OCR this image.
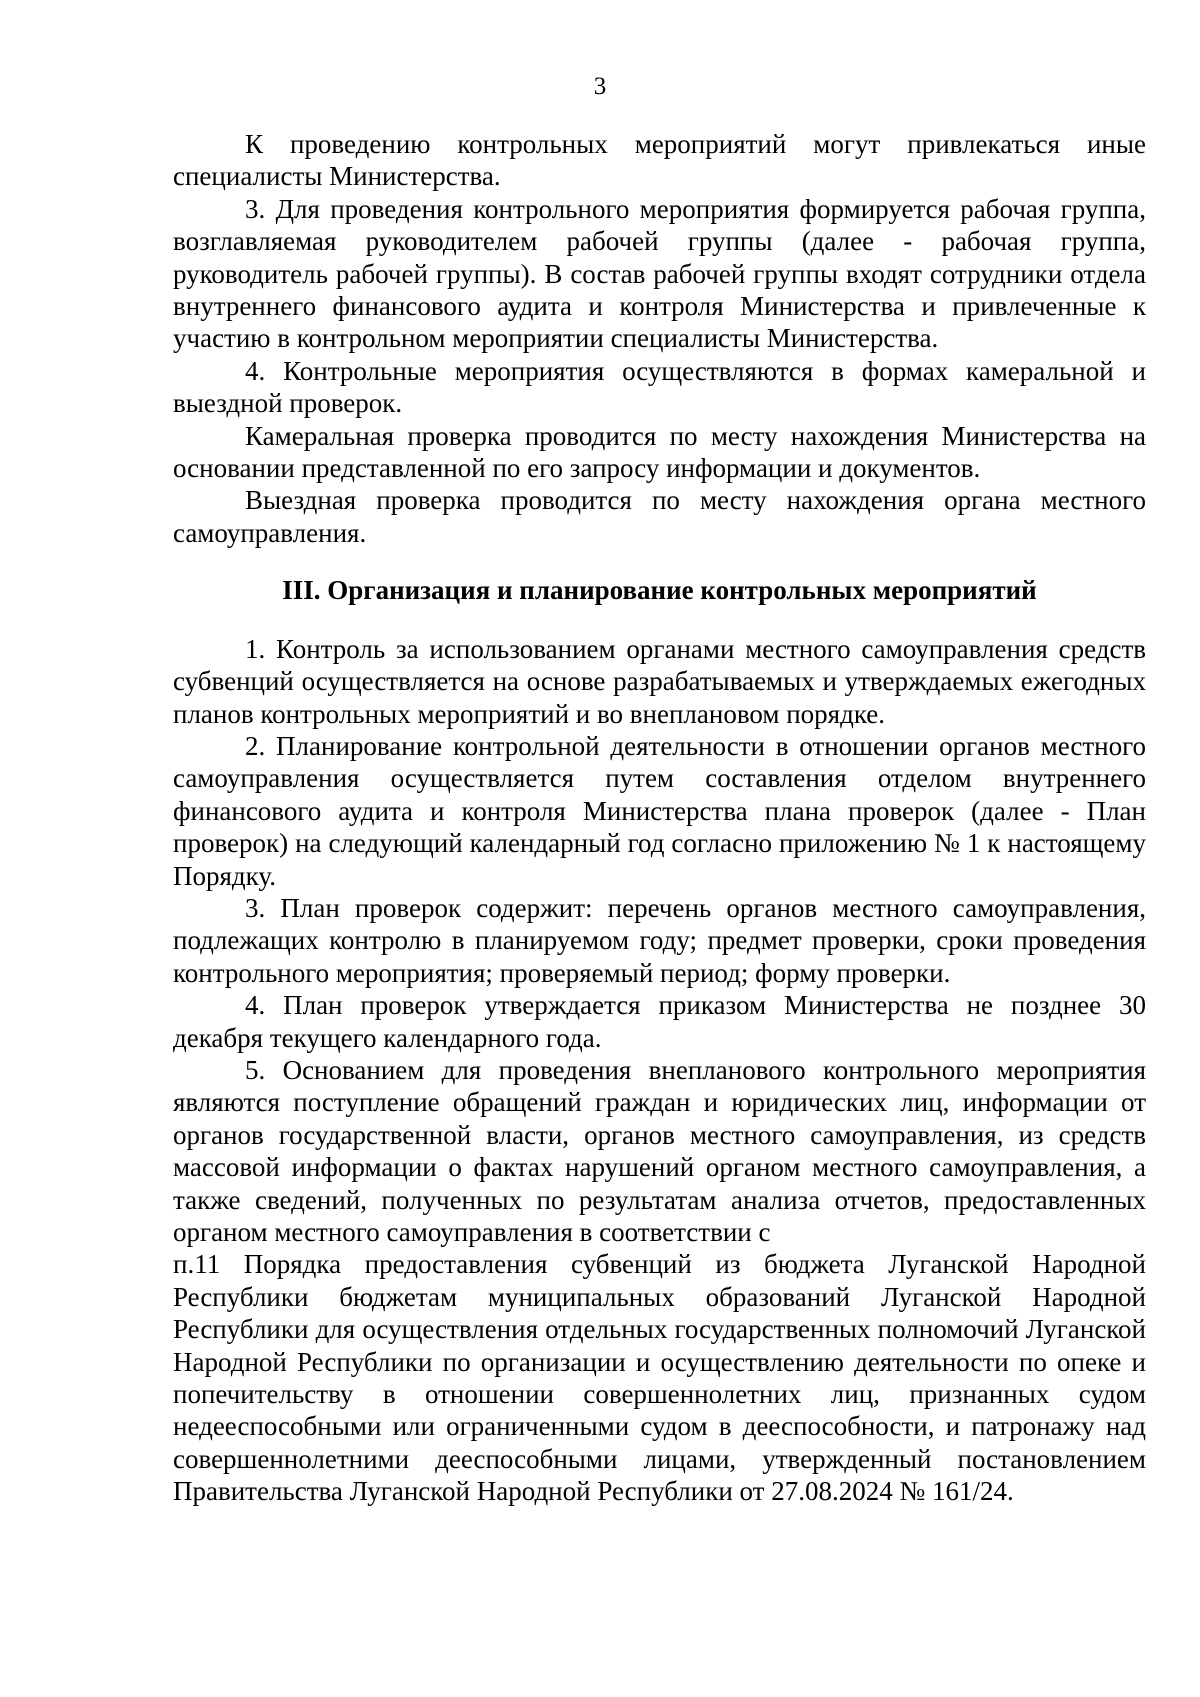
3

К проведению контрольных мероприятий могут привлекаться иные специалисты Министерства.

3. Для проведения контрольного мероприятия формируется рабочая группа, возглавляемая руководителем рабочей группы (далее - рабочая группа, руководитель рабочей группы). В состав рабочей группы входят сотрудники отдела внутреннего финансового аудита и контроля Министерства и привлеченные к участию в контрольном мероприятии специалисты Министерства.

4. Контрольные мероприятия осуществляются в формах камеральной и выездной проверок.

Камеральная проверка проводится по месту нахождения Министерства на основании представленной по его запросу информации и документов.

Выездная проверка проводится по месту нахождения органа местного самоуправления.

III. Организация и планирование контрольных мероприятий

1. Контроль за использованием органами местного самоуправления средств субвенций осуществляется на основе разрабатываемых и утверждаемых ежегодных планов контрольных мероприятий и во внеплановом порядке.

2. Планирование контрольной деятельности в отношении органов местного самоуправления осуществляется путем составления отделом внутреннего финансового аудита и контроля Министерства плана проверок (далее - План проверок) на следующий календарный год согласно приложению № 1 к настоящему Порядку.

3. План проверок содержит: перечень органов местного самоуправления, подлежащих контролю в планируемом году; предмет проверки, сроки проведения контрольного мероприятия; проверяемый период; форму проверки.

4. План проверок утверждается приказом Министерства не позднее 30 декабря текущего календарного года.

5. Основанием для проведения внепланового контрольного мероприятия являются поступление обращений граждан и юридических лиц, информации от органов государственной власти, органов местного самоуправления, из средств массовой информации о фактах нарушений органом местного самоуправления, а также сведений, полученных по результатам анализа отчетов, предоставленных органом местного самоуправления в соответствии с

п.11 Порядка предоставления субвенций из бюджета Луганской Народной Республики бюджетам муниципальных образований Луганской Народной Республики для осуществления отдельных государственных полномочий Луганской Народной Республики по организации и осуществлению деятельности по опеке и попечительству в отношении совершеннолетних лиц, признанных судом недееспособными или ограниченными судом в дееспособности, и патронажу над совершеннолетними дееспособными лицами, утвержденный постановлением Правительства Луганской Народной Республики от 27.08.2024 № 161/24.
